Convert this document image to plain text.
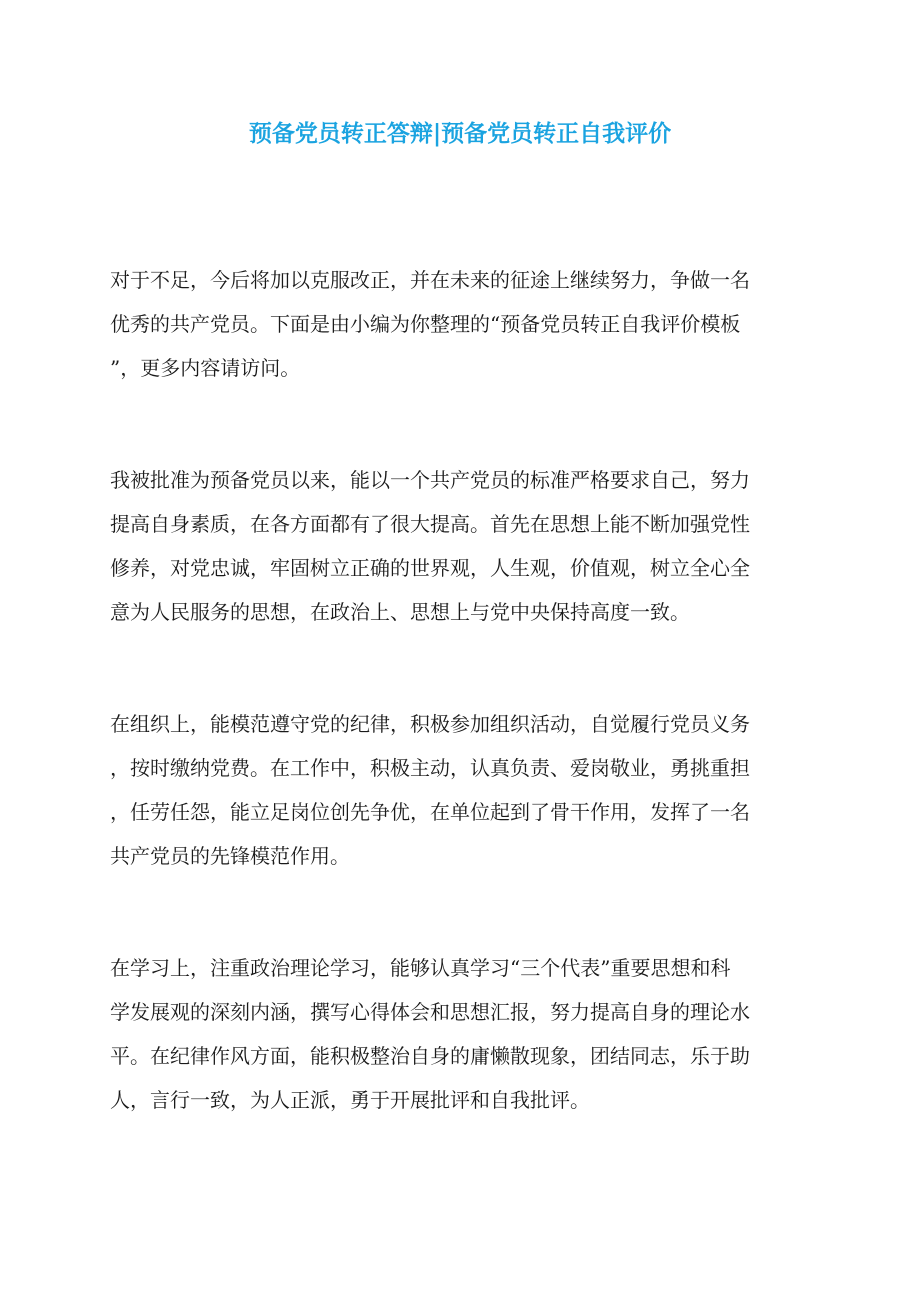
预备党员转正答辩|预备党员转正自我评价

对于不足，今后将加以克服改正，并在未来的征途上继续努力，争做一名
优秀的共产党员。下面是由小编为你整理的“预备党员转正自我评价模板
”，更多内容请访问。

我被批准为预备党员以来，能以一个共产党员的标准严格要求自己，努力
提高自身素质，在各方面都有了很大提高。首先在思想上能不断加强党性
修养，对党忠诚，牢固树立正确的世界观，人生观，价值观，树立全心全
意为人民服务的思想，在政治上、思想上与党中央保持高度一致。

在组织上，能模范遵守党的纪律，积极参加组织活动，自觉履行党员义务
，按时缴纳党费。在工作中，积极主动，认真负责、爱岗敬业，勇挑重担
，任劳任怨，能立足岗位创先争优，在单位起到了骨干作用，发挥了一名
共产党员的先锋模范作用。

在学习上，注重政治理论学习，能够认真学习“三个代表”重要思想和科
学发展观的深刻内涵，撰写心得体会和思想汇报，努力提高自身的理论水
平。在纪律作风方面，能积极整治自身的庸懒散现象，团结同志，乐于助
人，言行一致，为人正派，勇于开展批评和自我批评。
